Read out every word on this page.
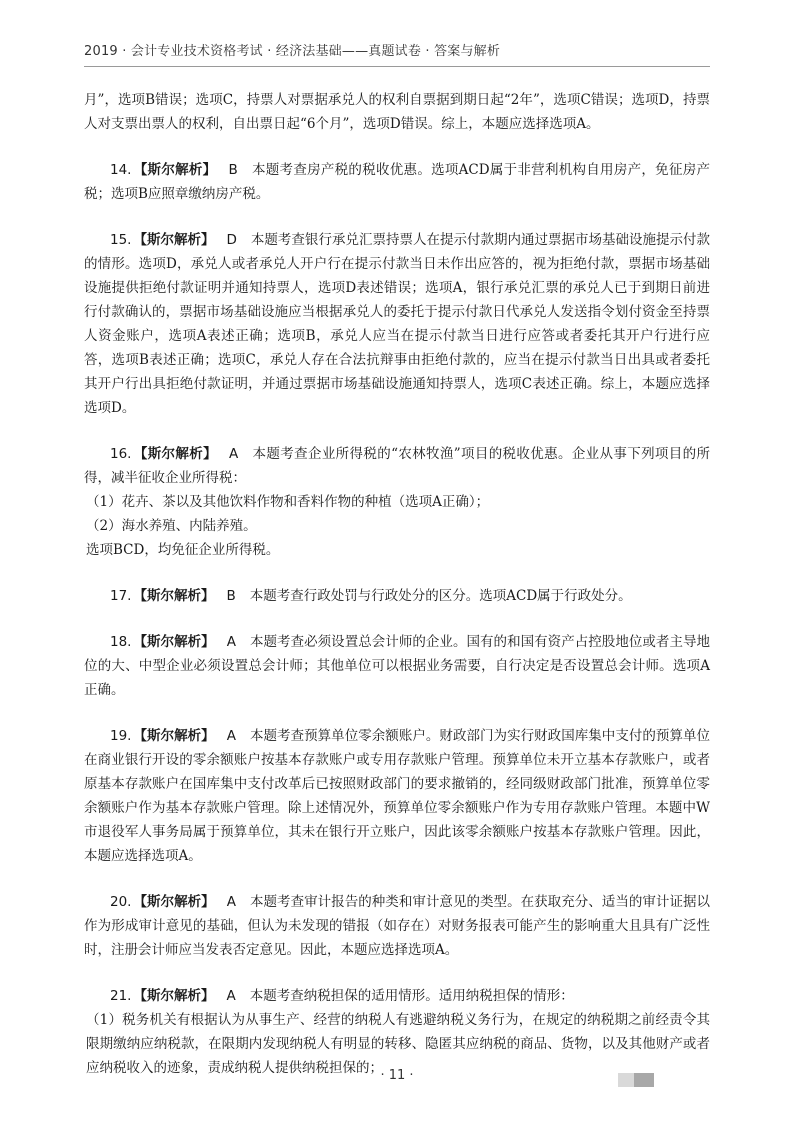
2019 · 会计专业技术资格考试 · 经济法基础——真题试卷 · 答案与解析

月”，选项B错误；选项C，持票人对票据承兑人的权利自票据到期日起“2年”，选项C错误；选项D，持票人对支票出票人的权利，自出票日起“6个月”，选项D错误。综上，本题应选择选项A。

14. 【斯尔解析】 B 本题考查房产税的税收优惠。选项ACD属于非营利机构自用房产，免征房产税；选项B应照章缴纳房产税。

15. 【斯尔解析】 D 本题考查银行承兑汇票持票人在提示付款期内通过票据市场基础设施提示付款的情形。选项D，承兑人或者承兑人开户行在提示付款当日未作出应答的，视为拒绝付款，票据市场基础设施提供拒绝付款证明并通知持票人，选项D表述错误；选项A，银行承兑汇票的承兑人已于到期日前进行付款确认的，票据市场基础设施应当根据承兑人的委托于提示付款日代承兑人发送指令划付资金至持票人资金账户，选项A表述正确；选项B，承兑人应当在提示付款当日进行应答或者委托其开户行进行应答，选项B表述正确；选项C，承兑人存在合法抗辩事由拒绝付款的，应当在提示付款当日出具或者委托其开户行出具拒绝付款证明，并通过票据市场基础设施通知持票人，选项C表述正确。综上，本题应选择选项D。

16. 【斯尔解析】 A 本题考查企业所得税的“农林牧渔”项目的税收优惠。企业从事下列项目的所得，减半征收企业所得税：

（1）花卉、茶以及其他饮料作物和香料作物的种植（选项A正确）；

（2）海水养殖、内陆养殖。

选项BCD，均免征企业所得税。

17. 【斯尔解析】 B 本题考查行政处罚与行政处分的区分。选项ACD属于行政处分。

18. 【斯尔解析】 A 本题考查必须设置总会计师的企业。国有的和国有资产占控股地位或者主导地位的大、中型企业必须设置总会计师；其他单位可以根据业务需要，自行决定是否设置总会计师。选项A正确。

19. 【斯尔解析】 A 本题考查预算单位零余额账户。财政部门为实行财政国库集中支付的预算单位在商业银行开设的零余额账户按基本存款账户或专用存款账户管理。预算单位未开立基本存款账户，或者原基本存款账户在国库集中支付改革后已按照财政部门的要求撤销的，经同级财政部门批准，预算单位零余额账户作为基本存款账户管理。除上述情况外，预算单位零余额账户作为专用存款账户管理。本题中W市退役军人事务局属于预算单位，其未在银行开立账户，因此该零余额账户按基本存款账户管理。因此，本题应选择选项A。

20. 【斯尔解析】 A 本题考查审计报告的种类和审计意见的类型。在获取充分、适当的审计证据以作为形成审计意见的基础，但认为未发现的错报（如存在）对财务报表可能产生的影响重大且具有广泛性时，注册会计师应当发表否定意见。因此，本题应选择选项A。

21. 【斯尔解析】 A 本题考查纳税担保的适用情形。适用纳税担保的情形：

（1）税务机关有根据认为从事生产、经营的纳税人有逃避纳税义务行为，在规定的纳税期之前经责令其限期缴纳应纳税款，在限期内发现纳税人有明显的转移、隐匿其应纳税的商品、货物，以及其他财产或者应纳税收入的迹象，责成纳税人提供纳税担保的；

· 11 ·
